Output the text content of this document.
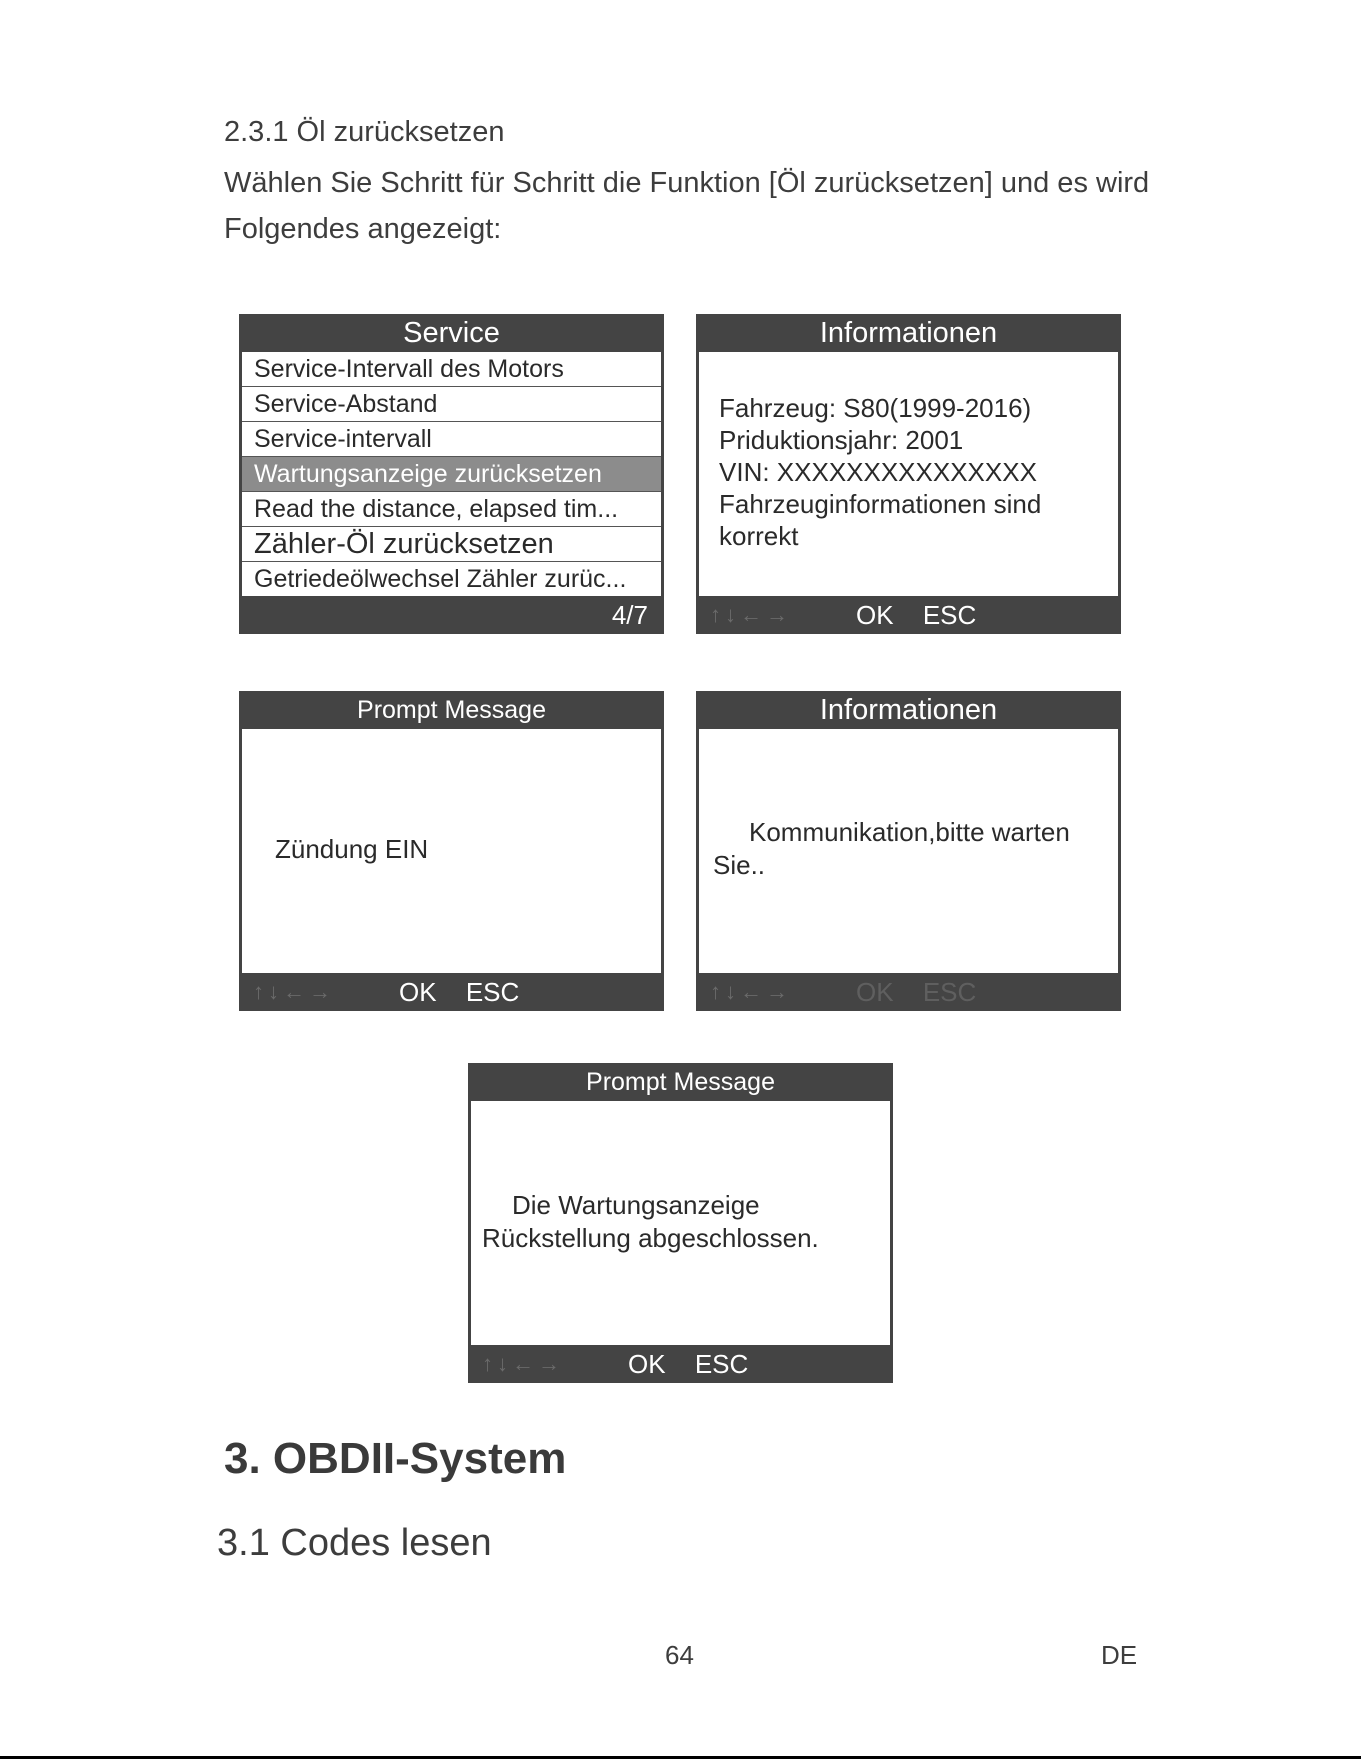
2.3.1 Öl zurücksetzen
Wählen Sie Schritt für Schritt die Funktion [Öl zurücksetzen] und es wird Folgendes angezeigt:
Service
Service-Intervall des Motors
Service-Abstand
Service-intervall
Wartungsanzeige zurücksetzen
Read the distance, elapsed tim...
Zähler-Öl zurücksetzen
Getriedeölwechsel Zähler zurüc...
4/7
Informationen
Fahrzeug: S80(1999-2016)
Priduktionsjahr: 2001
VIN: XXXXXXXXXXXXXXX
Fahrzeuginformationen sind
korrekt
↑↓←→ OK ESC
Prompt Message
Zündung EIN
↑↓←→ OK ESC
Informationen
Kommunikation,bitte warten
Sie..
↑↓←→ OK ESC
Prompt Message
Die Wartungsanzeige
Rückstellung abgeschlossen.
↑↓←→ OK ESC
3. OBDII-System
3.1 Codes lesen
64	DE
